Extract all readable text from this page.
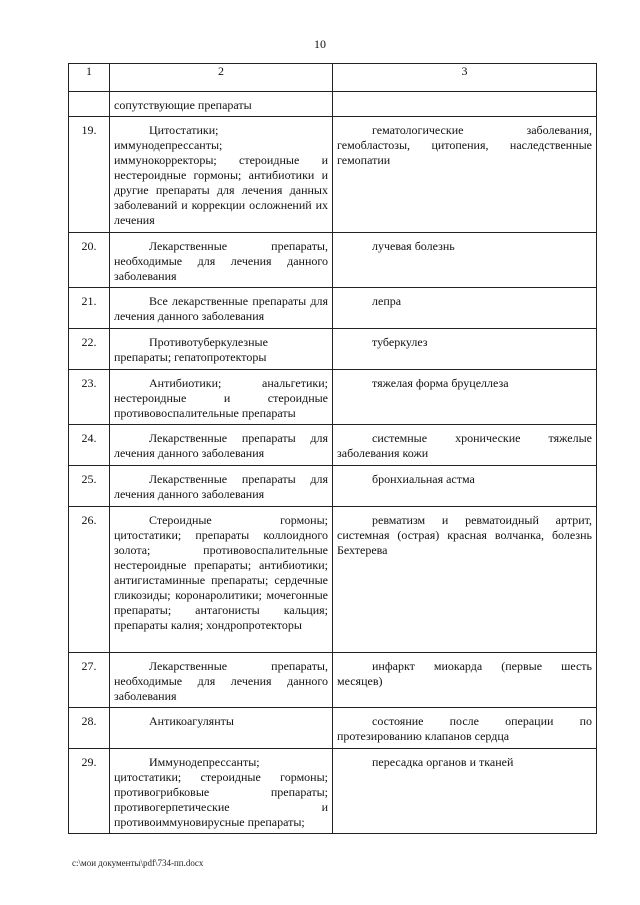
10
1	2	3
	сопутствующие препараты	
19.	Цитостатики; иммунодепрессанты; иммунокорректоры; стероидные и нестероидные гормоны; антибиотики и другие препараты для лечения данных заболеваний и коррекции осложнений их лечения	гематологические заболевания, гемобластозы, цитопения, наследственные гемопатии
20.	Лекарственные препараты, необходимые для лечения данного заболевания	лучевая болезнь
21.	Все лекарственные препараты для лечения данного заболевания	лепра
22.	Противотуберкулезные препараты; гепатопротекторы	туберкулез
23.	Антибиотики; анальгетики; нестероидные и стероидные противовоспалительные препараты	тяжелая форма бруцеллеза
24.	Лекарственные препараты для лечения данного заболевания	системные хронические тяжелые заболевания кожи
25.	Лекарственные препараты для лечения данного заболевания	бронхиальная астма
26.	Стероидные гормоны; цитостатики; препараты коллоидного золота; противовоспалительные нестероидные препараты; антибиотики; антигистаминные препараты; сердечные гликозиды; коронаролитики; мочегонные препараты; антагонисты кальция; препараты калия; хондропротекторы	ревматизм и ревматоидный артрит, системная (острая) красная волчанка, болезнь Бехтерева
27.	Лекарственные препараты, необходимые для лечения данного заболевания	инфаркт миокарда (первые шесть месяцев)
28.	Антикоагулянты	состояние после операции по протезированию клапанов сердца
29.	Иммунодепрессанты; цитостатики; стероидные гормоны; противогрибковые препараты; противогерпетические и противоиммуновирусные препараты;	пересадка органов и тканей
c:\мои документы\pdf\734-пп.docx
